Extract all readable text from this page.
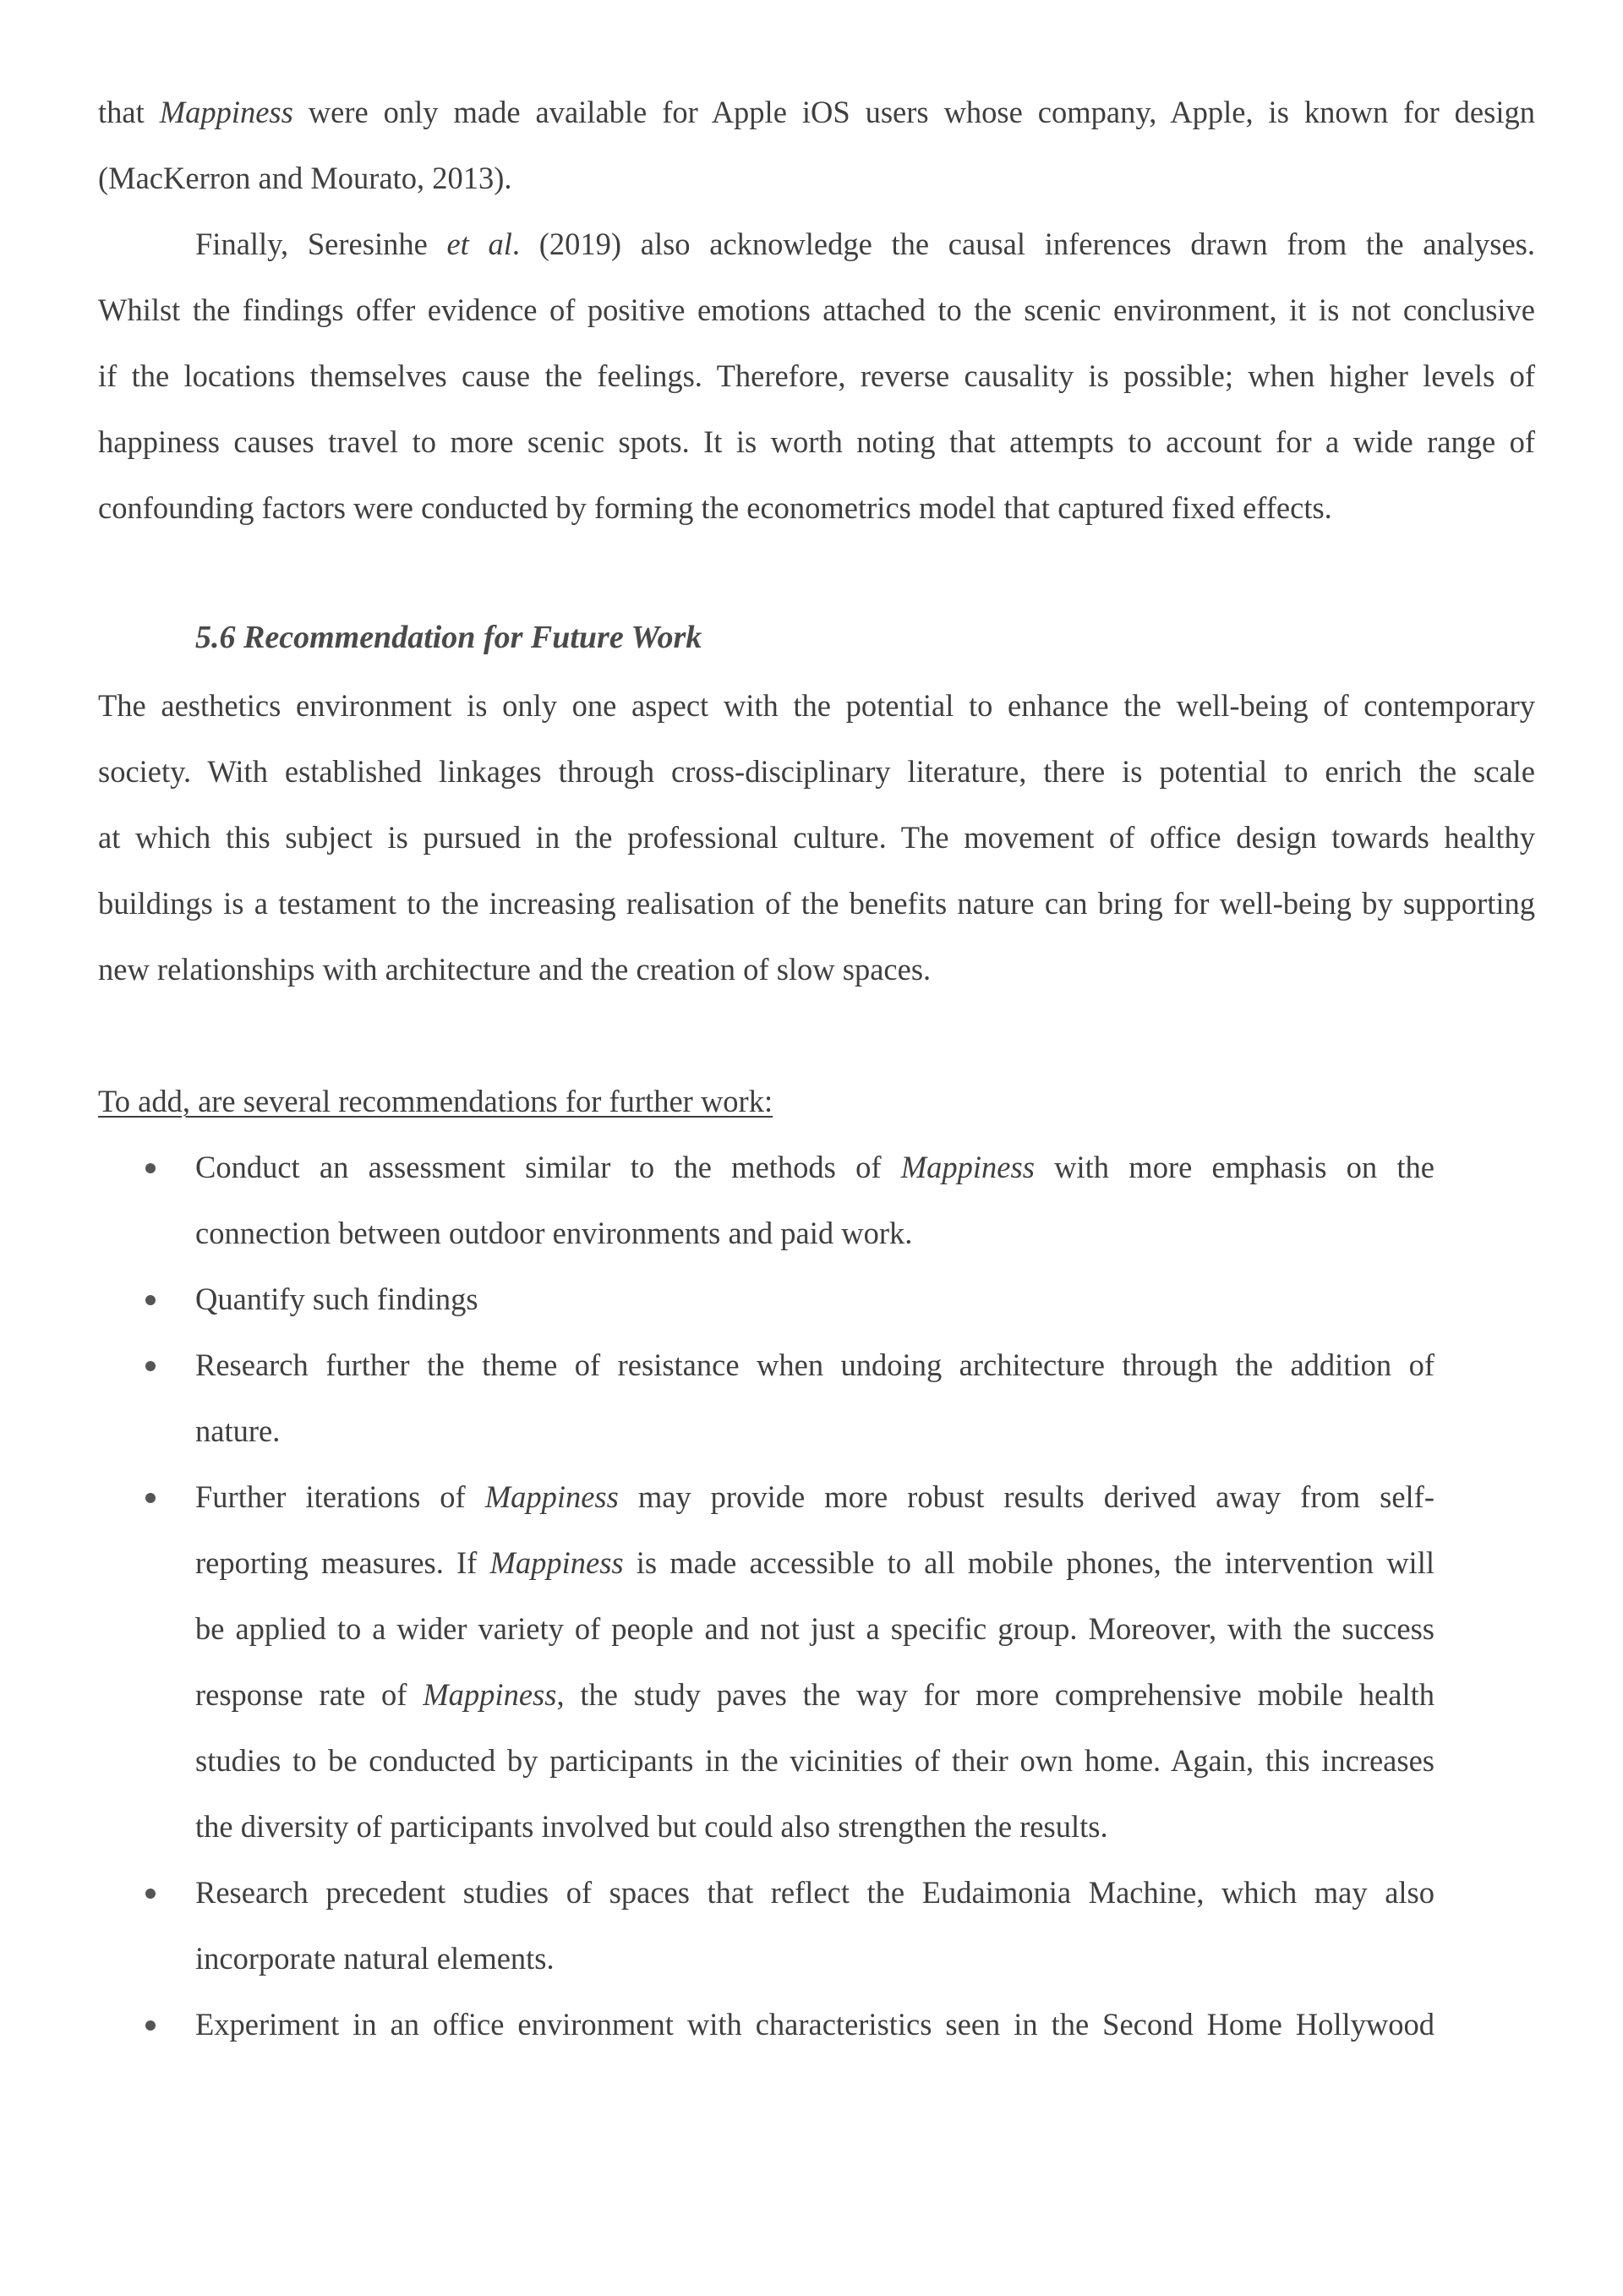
that Mappiness were only made available for Apple iOS users whose company, Apple, is known for design

(MacKerron and Mourato, 2013).

Finally, Seresinhe et al. (2019) also acknowledge the causal inferences drawn from the analyses.

Whilst the findings offer evidence of positive emotions attached to the scenic environment, it is not conclusive

if the locations themselves cause the feelings. Therefore, reverse causality is possible; when higher levels of

happiness causes travel to more scenic spots. It is worth noting that attempts to account for a wide range of

confounding factors were conducted by forming the econometrics model that captured fixed effects.

5.6 Recommendation for Future Work

The aesthetics environment is only one aspect with the potential to enhance the well-being of contemporary

society. With established linkages through cross-disciplinary literature, there is potential to enrich the scale

at which this subject is pursued in the professional culture. The movement of office design towards healthy

buildings is a testament to the increasing realisation of the benefits nature can bring for well-being by supporting

new relationships with architecture and the creation of slow spaces.

To add, are several recommendations for further work:

Conduct an assessment similar to the methods of Mappiness with more emphasis on the

connection between outdoor environments and paid work.

Quantify such findings

Research further the theme of resistance when undoing architecture through the addition of

nature.

Further iterations of Mappiness may provide more robust results derived away from self-

reporting measures. If Mappiness is made accessible to all mobile phones, the intervention will

be applied to a wider variety of people and not just a specific group. Moreover, with the success

response rate of Mappiness, the study paves the way for more comprehensive mobile health

studies to be conducted by participants in the vicinities of their own home. Again, this increases

the diversity of participants involved but could also strengthen the results.

Research precedent studies of spaces that reflect the Eudaimonia Machine, which may also

incorporate natural elements.

Experiment in an office environment with characteristics seen in the Second Home Hollywood
